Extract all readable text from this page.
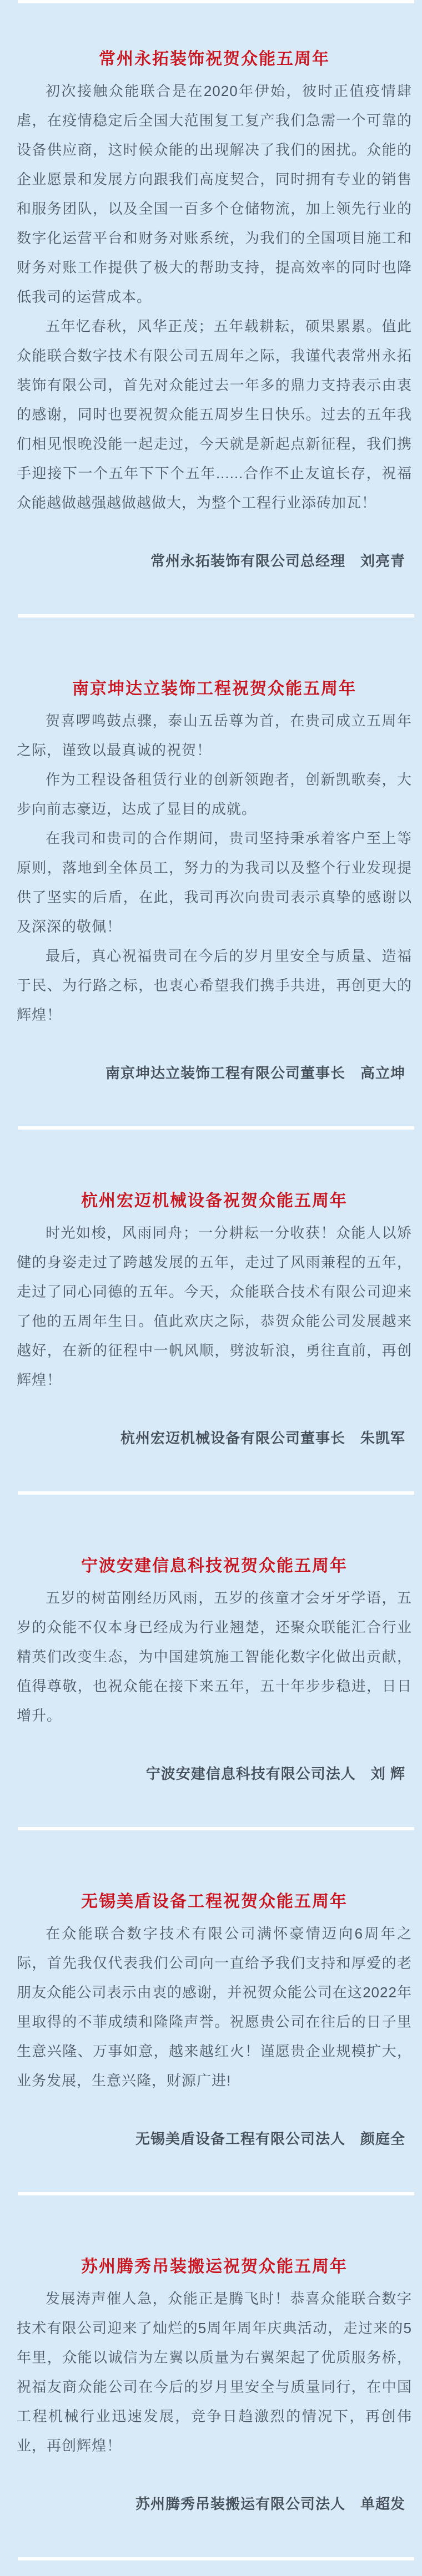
常州永拓装饰祝贺众能五周年

初次接触众能联合是在2020年伊始，彼时正值疫情肆虐，在疫情稳定后全国大范围复工复产我们急需一个可靠的设备供应商，这时候众能的出现解决了我们的困扰。众能的企业愿景和发展方向跟我们高度契合，同时拥有专业的销售和服务团队，以及全国一百多个仓储物流，加上领先行业的数字化运营平台和财务对账系统，为我们的全国项目施工和财务对账工作提供了极大的帮助支持，提高效率的同时也降低我司的运营成本。

五年忆春秋，风华正茂；五年载耕耘，硕果累累。值此众能联合数字技术有限公司五周年之际，我谨代表常州永拓装饰有限公司，首先对众能过去一年多的鼎力支持表示由衷的感谢，同时也要祝贺众能五周岁生日快乐。过去的五年我们相见恨晚没能一起走过，今天就是新起点新征程，我们携手迎接下一个五年下下个五年......合作不止友谊长存，祝福众能越做越强越做越做大，为整个工程行业添砖加瓦！

常州永拓装饰有限公司总经理　刘亮青

南京坤达立装饰工程祝贺众能五周年

贺喜啰鸣鼓点骤，泰山五岳尊为首，在贵司成立五周年之际，谨致以最真诚的祝贺！

作为工程设备租赁行业的创新领跑者，创新凯歌奏，大步向前志豪迈，达成了显目的成就。

在我司和贵司的合作期间，贵司坚持秉承着客户至上等原则，落地到全体员工，努力的为我司以及整个行业发现提供了坚实的后盾，在此，我司再次向贵司表示真挚的感谢以及深深的敬佩！

最后，真心祝福贵司在今后的岁月里安全与质量、造福于民、为行路之标，也衷心希望我们携手共进，再创更大的辉煌！

南京坤达立装饰工程有限公司董事长　高立坤

杭州宏迈机械设备祝贺众能五周年

时光如梭，风雨同舟；一分耕耘一分收获！众能人以矫健的身姿走过了跨越发展的五年，走过了风雨兼程的五年，走过了同心同德的五年。今天，众能联合技术有限公司迎来了他的五周年生日。值此欢庆之际，恭贺众能公司发展越来越好，在新的征程中一帆风顺，劈波斩浪，勇往直前，再创辉煌！

杭州宏迈机械设备有限公司董事长　朱凯军

宁波安建信息科技祝贺众能五周年

五岁的树苗刚经历风雨，五岁的孩童才会牙牙学语，五岁的众能不仅本身已经成为行业翘楚，还聚众联能汇合行业精英们改变生态，为中国建筑施工智能化数字化做出贡献，值得尊敬，也祝众能在接下来五年，五十年步步稳进，日日增升。

宁波安建信息科技有限公司法人　刘 辉

无锡美盾设备工程祝贺众能五周年

在众能联合数字技术有限公司满怀豪情迈向6周年之际，首先我仅代表我们公司向一直给予我们支持和厚爱的老朋友众能公司表示由衷的感谢，并祝贺众能公司在这2022年里取得的不菲成绩和隆隆声誉。祝愿贵公司在往后的日子里生意兴隆、万事如意，越来越红火！谨愿贵企业规模扩大，业务发展，生意兴隆，财源广进!

无锡美盾设备工程有限公司法人　颜庭全

苏州腾秀吊装搬运祝贺众能五周年

发展涛声催人急，众能正是腾飞时！恭喜众能联合数字技术有限公司迎来了灿烂的5周年周年庆典活动，走过来的5年里，众能以诚信为左翼以质量为右翼架起了优质服务桥，祝福友商众能公司在今后的岁月里安全与质量同行，在中国工程机械行业迅速发展，竞争日趋激烈的情况下，再创伟业，再创辉煌！

苏州腾秀吊装搬运有限公司法人　单超发
